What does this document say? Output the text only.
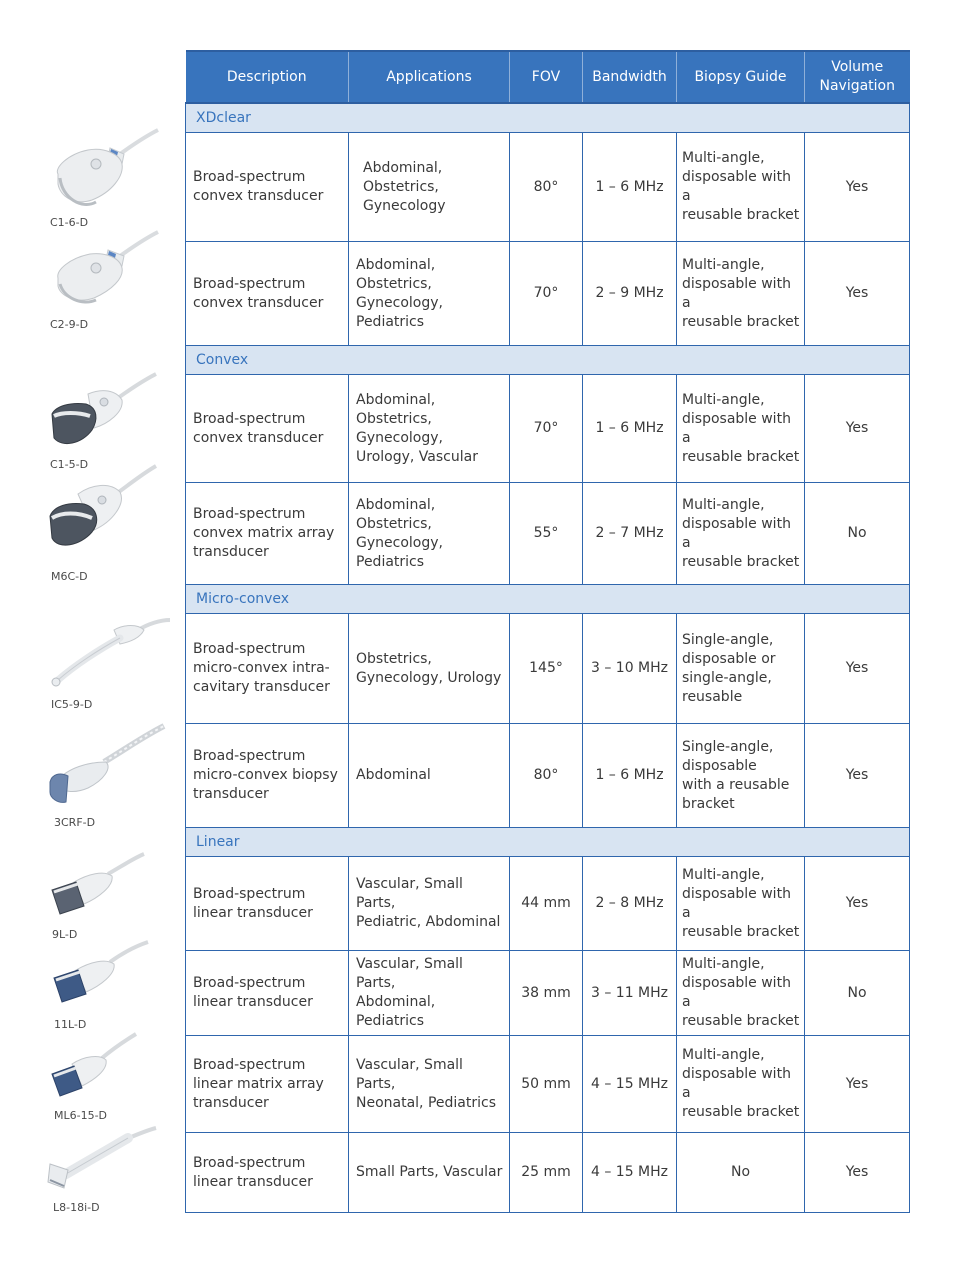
C1-6-D
C2-9-D
C1-5-D
M6C-D
IC5-9-D
3CRF-D
9L-D
11L-D
ML6-15-D
L8-18i-D
Description	Applications	FOV	Bandwidth	Biopsy Guide	Volume
Navigation
XDclear					
Broad-spectrum
convex transducer	Abdominal,
Obstetrics,
Gynecology	80°	1 – 6 MHz	Multi-angle,
disposable with a
reusable bracket	Yes
Broad-spectrum
convex transducer	Abdominal,
Obstetrics,
Gynecology,
Pediatrics	70°	2 – 9 MHz	Multi-angle,
disposable with a
reusable bracket	Yes
Convex					
Broad-spectrum
convex transducer	Abdominal,
Obstetrics,
Gynecology,
Urology, Vascular	70°	1 – 6 MHz	Multi-angle,
disposable with a
reusable bracket	Yes
Broad-spectrum
convex matrix array
transducer	Abdominal, Obstetrics,
Gynecology,
Pediatrics	55°	2 – 7 MHz	Multi-angle,
disposable with a
reusable bracket	No
Micro-convex					
Broad-spectrum
micro-convex intra-
cavitary transducer	Obstetrics,
Gynecology, Urology	145°	3 – 10 MHz	Single-angle,
disposable or
single-angle,
reusable	Yes
Broad-spectrum
micro-convex biopsy
transducer	Abdominal	80°	1 – 6 MHz	Single-angle,
disposable
with a reusable
bracket	Yes
Linear					
Broad-spectrum
linear transducer	Vascular, Small Parts,
Pediatric, Abdominal	44 mm	2 – 8 MHz	Multi-angle,
disposable with a
reusable bracket	Yes
Broad-spectrum
linear transducer	Vascular, Small Parts,
Abdominal, Pediatrics	38 mm	3 – 11 MHz	Multi-angle,
disposable with a
reusable bracket	No
Broad-spectrum
linear matrix array
transducer	Vascular, Small Parts,
Neonatal, Pediatrics	50 mm	4 – 15 MHz	Multi-angle,
disposable with a
reusable bracket	Yes
Broad-spectrum
linear transducer	Small Parts, Vascular	25 mm	4 – 15 MHz	No	Yes
